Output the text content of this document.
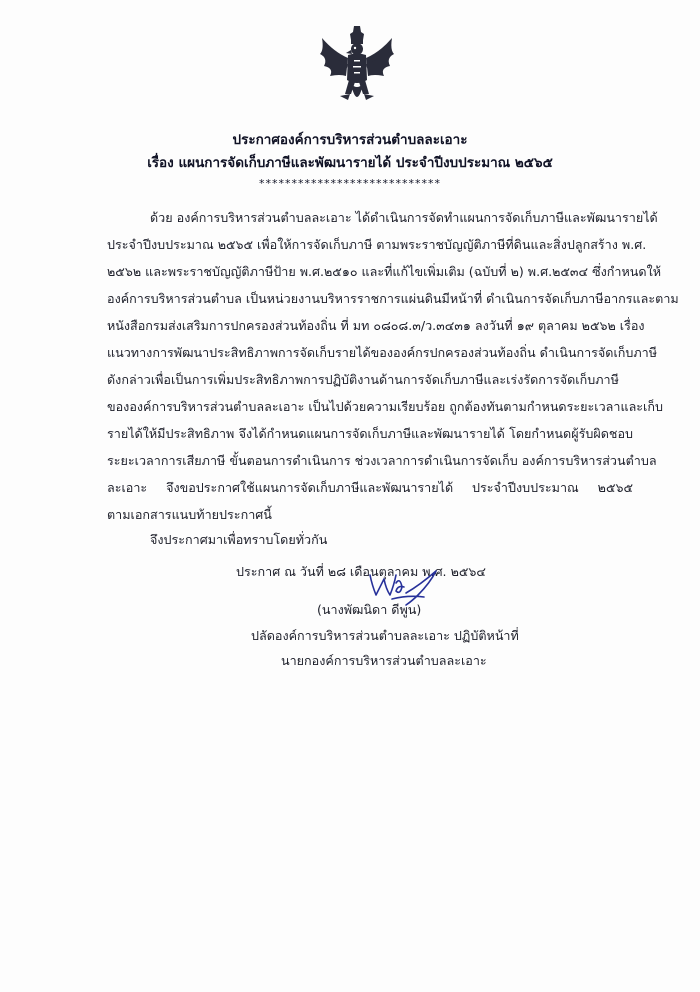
ประกาศองค์การบริหารส่วนตำบลละเอาะ
เรื่อง แผนการจัดเก็บภาษีและพัฒนารายได้ ประจำปีงบประมาณ ๒๕๖๕
****************************
ด้วย องค์การบริหารส่วนตำบลละเอาะ ได้ดำเนินการจัดทำแผนการจัดเก็บภาษีและพัฒนารายได้
ประจำปีงบประมาณ ๒๕๖๕ เพื่อให้การจัดเก็บภาษี ตามพระราชบัญญัติภาษีที่ดินและสิ่งปลูกสร้าง พ.ศ.
๒๕๖๒ และพระราชบัญญัติภาษีป้าย พ.ศ.๒๕๑๐ และที่แก้ไขเพิ่มเติม (ฉบับที่ ๒) พ.ศ.๒๕๓๔ ซึ่งกำหนดให้
องค์การบริหารส่วนตำบล เป็นหน่วยงานบริหารราชการแผ่นดินมีหน้าที่ ดำเนินการจัดเก็บภาษีอากรและตาม
หนังสือกรมส่งเสริมการปกครองส่วนท้องถิ่น ที่ มท ๐๘๐๘.๓/ว.๓๔๓๑ ลงวันที่ ๑๙ ตุลาคม ๒๕๖๒ เรื่อง
แนวทางการพัฒนาประสิทธิภาพการจัดเก็บรายได้ขององค์กรปกครองส่วนท้องถิ่น ดำเนินการจัดเก็บภาษี
ดังกล่าวเพื่อเป็นการเพิ่มประสิทธิภาพการปฏิบัติงานด้านการจัดเก็บภาษีและเร่งรัดการจัดเก็บภาษี
ขององค์การบริหารส่วนตำบลละเอาะ เป็นไปด้วยความเรียบร้อย ถูกต้องทันตามกำหนดระยะเวลาและเก็บ
รายได้ให้มีประสิทธิภาพ จึงได้กำหนดแผนการจัดเก็บภาษีและพัฒนารายได้ โดยกำหนดผู้รับผิดชอบ
ระยะเวลาการเสียภาษี ขั้นตอนการดำเนินการ ช่วงเวลาการดำเนินการจัดเก็บ องค์การบริหารส่วนตำบล
ละเอาะ จึงขอประกาศใช้แผนการจัดเก็บภาษีและพัฒนารายได้ ประจำปีงบประมาณ ๒๕๖๕
ตามเอกสารแนบท้ายประกาศนี้
จึงประกาศมาเพื่อทราบโดยทั่วกัน
ประกาศ ณ วันที่ ๒๘ เดือนตุลาคม พ.ศ. ๒๕๖๔
(นางพัฒนิดา ดีพูน)
ปลัดองค์การบริหารส่วนตำบลละเอาะ ปฏิบัติหน้าที่
นายกองค์การบริหารส่วนตำบลละเอาะ
